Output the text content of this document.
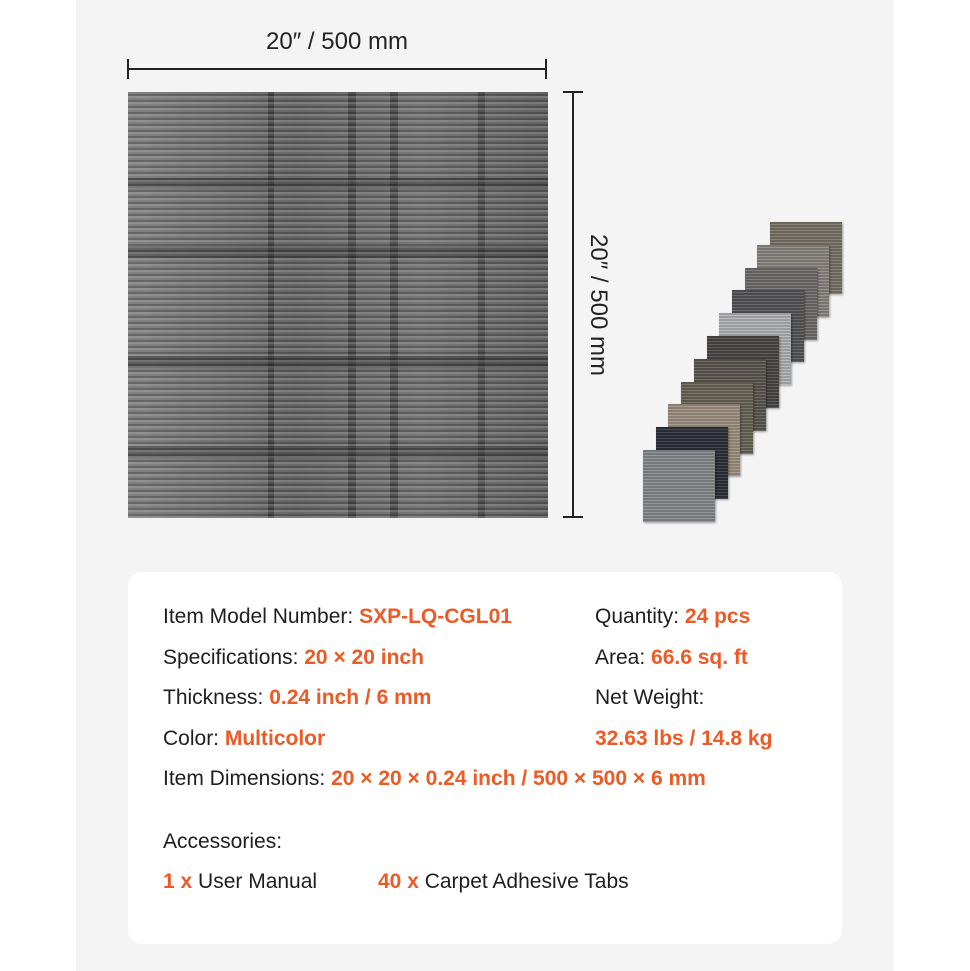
20″ / 500 mm
20″ / 500 mm
Item Model Number: SXP-LQ-CGL01
Specifications: 20 × 20 inch
Thickness: 0.24 inch / 6 mm
Color: Multicolor
Item Dimensions: 20 × 20 × 0.24 inch / 500 × 500 × 6 mm
Quantity: 24 pcs
Area: 66.6 sq. ft
Net Weight:
32.63 lbs / 14.8 kg
Accessories:
1 x User Manual	40 x Carpet Adhesive Tabs
